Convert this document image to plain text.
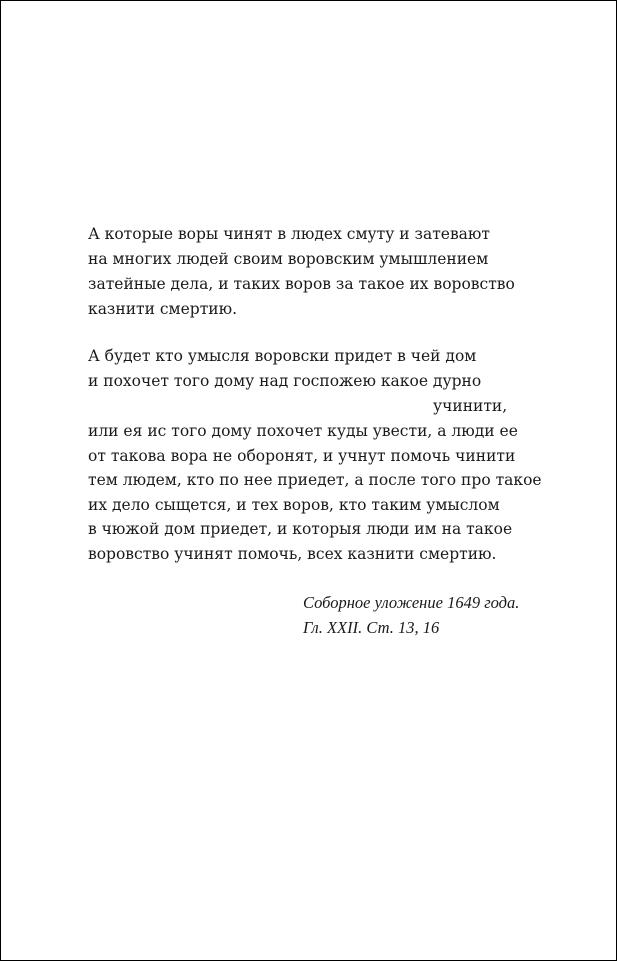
А которые воры чинят в людех смуту и затевают
на многих людей своим воровским умышлением
затейные дела, и таких воров за такое их воровство
казнити смертию.
А будет кто умысля воровски придет в чей дом
и похочет того дому над госпожею какое дурно
учинити,
или ея ис того дому похочет куды увести, а люди ее
от такова вора не оборонят, и учнут помочь чинити
тем людем, кто по нее приедет, а после того про такое
их дело сыщется, и тех воров, кто таким умыслом
в чюжой дом приедет, и которыя люди им на такое
воровство учинят помочь, всех казнити смертию.
Соборное уложение 1649 года.
Гл. XXII. Ст. 13, 16
